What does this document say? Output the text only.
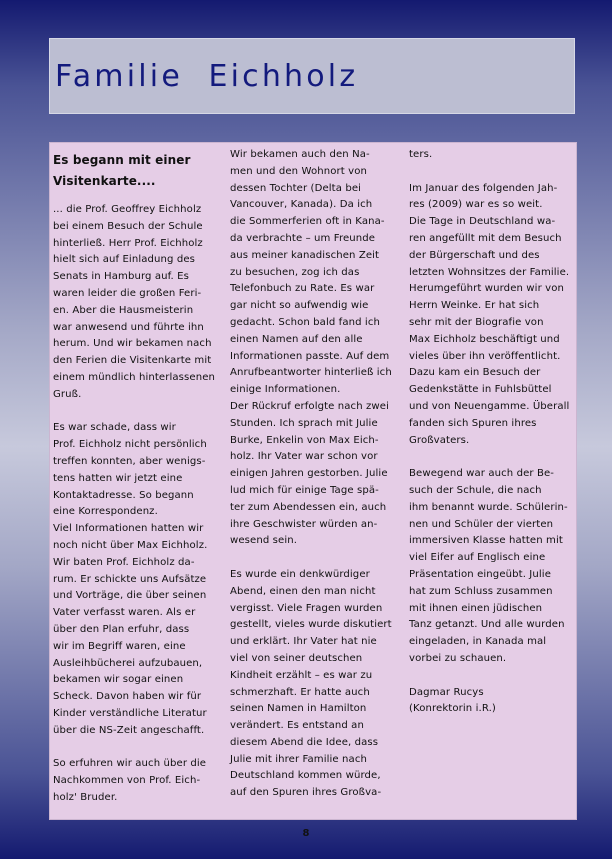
Familie  Eichholz
Es begann mit einer
Visitenkarte....

... die Prof. Geoffrey Eichholz

bei einem Besuch der Schule

hinterließ. Herr Prof. Eichholz

hielt sich auf Einladung des

Senats in Hamburg auf. Es

waren leider die großen Feri-

en. Aber die Hausmeisterin

war anwesend und führte ihn

herum. Und wir bekamen nach

den Ferien die Visitenkarte mit

einem mündlich hinterlassenen

Gruß.

Es war schade, dass wir

Prof. Eichholz nicht persönlich

treffen konnten, aber wenigs-

tens hatten wir jetzt eine

Kontaktadresse. So begann

eine Korrespondenz.

Viel Informationen hatten wir

noch nicht über Max Eichholz.

Wir baten Prof. Eichholz da-

rum. Er schickte uns Aufsätze

und Vorträge, die über seinen

Vater verfasst waren. Als er

über den Plan erfuhr, dass

wir im Begriff waren, eine

Ausleihbücherei aufzubauen,

bekamen wir sogar einen

Scheck. Davon haben wir für

Kinder verständliche Literatur

über die NS-Zeit angeschafft.

So erfuhren wir auch über die

Nachkommen von Prof. Eich-

holz' Bruder.

Wir bekamen auch den Na-

men und den Wohnort von

dessen Tochter (Delta bei

Vancouver, Kanada). Da ich

die Sommerferien oft in Kana-

da verbrachte – um Freunde

aus meiner kanadischen Zeit

zu besuchen, zog ich das

Telefonbuch zu Rate. Es war

gar nicht so aufwendig wie

gedacht. Schon bald fand ich

einen Namen auf den alle

Informationen passte. Auf dem

Anrufbeantworter hinterließ ich

einige Informationen.

Der Rückruf erfolgte nach zwei

Stunden. Ich sprach mit Julie

Burke, Enkelin von Max Eich-

holz. Ihr Vater war schon vor

einigen Jahren gestorben. Julie

lud mich für einige Tage spä-

ter zum Abendessen ein, auch

ihre Geschwister würden an-

wesend sein.

Es wurde ein denkwürdiger

Abend, einen den man nicht

vergisst. Viele Fragen wurden

gestellt, vieles wurde diskutiert

und erklärt. Ihr Vater hat nie

viel von seiner deutschen

Kindheit erzählt – es war zu

schmerzhaft. Er hatte auch

seinen Namen in Hamilton

verändert. Es entstand an

diesem Abend die Idee, dass

Julie mit ihrer Familie nach

Deutschland kommen würde,

auf den Spuren ihres Großva-

ters.

Im Januar des folgenden Jah-

res (2009) war es so weit.

Die Tage in Deutschland wa-

ren angefüllt mit dem Besuch

der Bürgerschaft und des

letzten Wohnsitzes der Familie.

Herumgeführt wurden wir von

Herrn Weinke. Er hat sich

sehr mit der Biografie von

Max Eichholz beschäftigt und

vieles über ihn veröffentlicht.

Dazu kam ein Besuch der

Gedenkstätte in Fuhlsbüttel

und von Neuengamme. Überall

fanden sich Spuren ihres

Großvaters.

Bewegend war auch der Be-

such der Schule, die nach

ihm benannt wurde. Schülerin-

nen und Schüler der vierten

immersiven Klasse hatten mit

viel Eifer auf Englisch eine

Präsentation eingeübt. Julie

hat zum Schluss zusammen

mit ihnen einen jüdischen

Tanz getanzt. Und alle wurden

eingeladen, in Kanada mal

vorbei zu schauen.

Dagmar Rucys

(Konrektorin i.R.)

8
